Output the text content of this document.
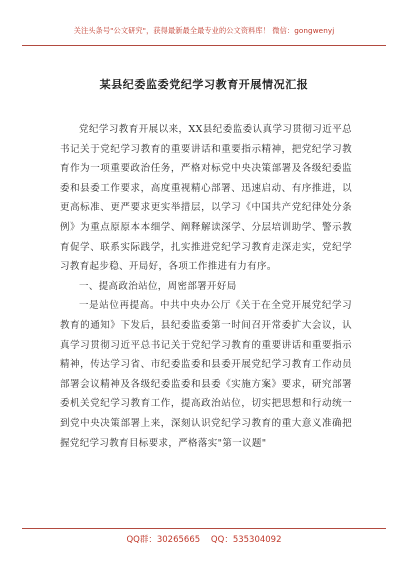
关注头条号"公文研究"，获得最新最全最专业的公文资料库！ 微信：gongwenyj
某县纪委监委党纪学习教育开展情况汇报

党纪学习教育开展以来，XX县纪委监委认真学习贯彻习近平总书记关于党纪学习教育的重要讲话和重要指示精神，把党纪学习教育作为一项重要政治任务，严格对标党中央决策部署及各级纪委监委和县委工作要求，高度重视精心部署、迅速启动、有序推进，以更高标准、更严要求更实举措层，以学习《中国共产党纪律处分条例》为重点原原本本细学、阐释解读深学、分层培训助学、警示教育促学、联系实际践学，扎实推进党纪学习教育走深走实，党纪学习教育起步稳、开局好，各项工作推进有力有序。

一、提高政治站位，周密部署开好局

一是站位再提高。中共中央办公厅《关于在全党开展党纪学习教育的通知》下发后，县纪委监委第一时间召开常委扩大会议，认真学习贯彻习近平总书记关于党纪学习教育的重要讲话和重要指示精神，传达学习省、市纪委监委和县委开展党纪学习教育工作动员部署会议精神及各级纪委监委和县委《实施方案》要求，研究部署委机关党纪学习教育工作，提高政治站位，切实把思想和行动统一到党中央决策部署上来，深刻认识党纪学习教育的重大意义准确把握党纪学习教育目标要求，严格落实"第一议题"

QQ群：30265665    QQ：535304092
